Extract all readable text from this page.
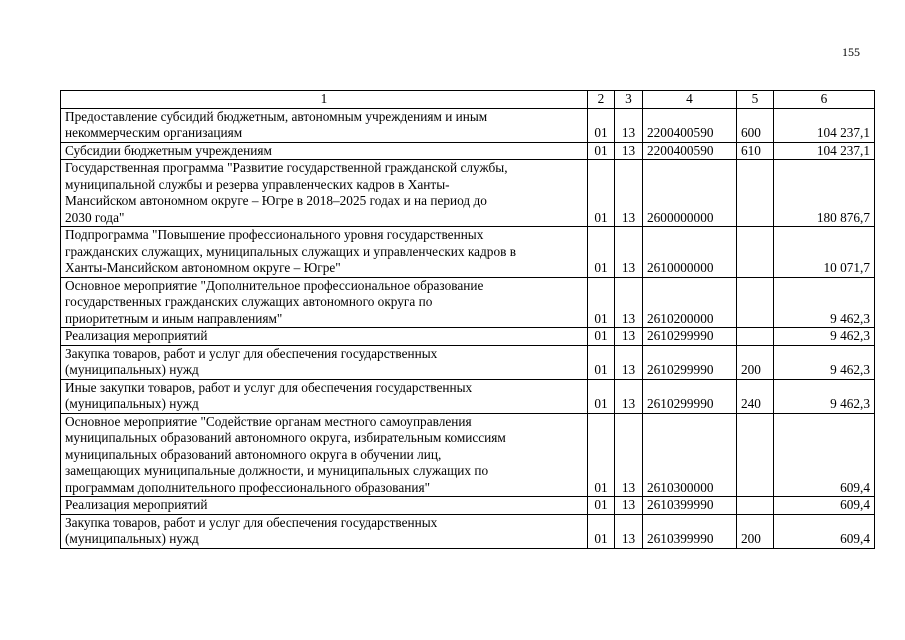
155
1	2	3	4	5	6

Предоставление субсидий бюджетным, автономным учреждениям и иным
некоммерческим организациям	01	13	2200400590	600	104 237,1

Субсидии бюджетным учреждениям	01	13	2200400590	610	104 237,1

Государственная программа "Развитие государственной гражданской службы,
муниципальной службы и резерва управленческих кадров в Ханты-
Мансийском автономном округе – Югре в 2018–2025 годах и на период до
2030 года"	01	13	2600000000		180 876,7

Подпрограмма "Повышение профессионального уровня государственных
гражданских служащих, муниципальных служащих и управленческих кадров в
Ханты-Мансийском автономном округе – Югре"	01	13	2610000000		10 071,7

Основное мероприятие "Дополнительное профессиональное образование
государственных гражданских служащих автономного округа по
приоритетным и иным направлениям"	01	13	2610200000		9 462,3

Реализация мероприятий	01	13	2610299990		9 462,3

Закупка товаров, работ и услуг для обеспечения государственных
(муниципальных) нужд	01	13	2610299990	200	9 462,3

Иные закупки товаров, работ и услуг для обеспечения государственных
(муниципальных) нужд	01	13	2610299990	240	9 462,3

Основное мероприятие "Содействие органам местного самоуправления
муниципальных образований автономного округа, избирательным комиссиям
муниципальных образований автономного округа в обучении лиц,
замещающих муниципальные должности, и муниципальных служащих по
программам дополнительного профессионального образования"	01	13	2610300000		609,4

Реализация мероприятий	01	13	2610399990		609,4

Закупка товаров, работ и услуг для обеспечения государственных
(муниципальных) нужд	01	13	2610399990	200	609,4
